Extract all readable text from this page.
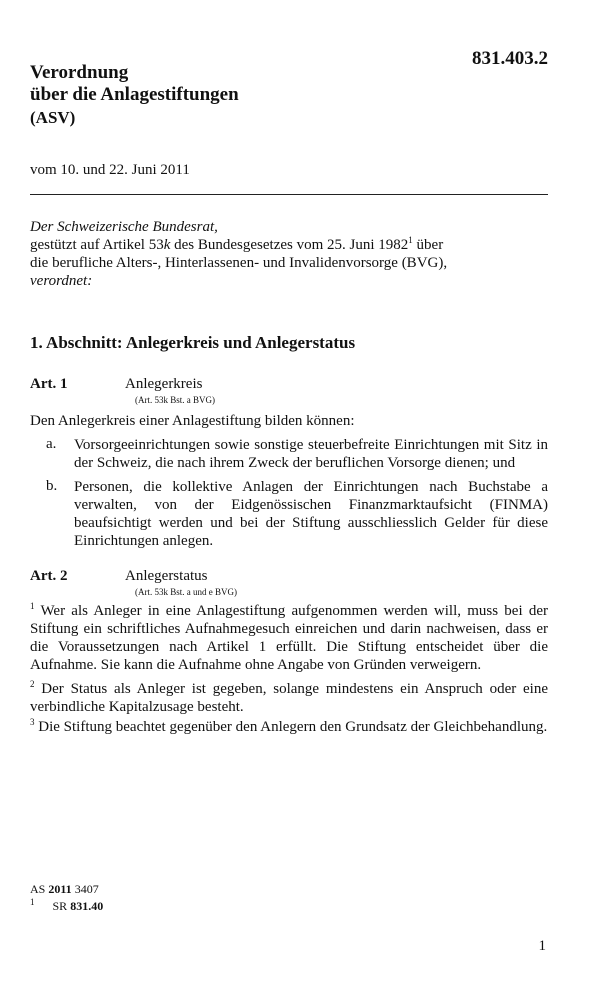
831.403.2
Verordnung
über die Anlagestiftungen
(ASV)
vom 10. und 22. Juni 2011
Der Schweizerische Bundesrat,
gestützt auf Artikel 53k des Bundesgesetzes vom 25. Juni 1982$^1$ über
die berufliche Alters-, Hinterlassenen- und Invalidenvorsorge (BVG),
verordnet:
1. Abschnitt: Anlegerkreis und Anlegerstatus
Art. 1	Anlegerkreis
(Art. 53k Bst. a BVG)
Den Anlegerkreis einer Anlagestiftung bilden können:
a. Vorsorgeeinrichtungen sowie sonstige steuerbefreite Einrichtungen mit Sitz in der Schweiz, die nach ihrem Zweck der beruflichen Vorsorge dienen; und
b. Personen, die kollektive Anlagen der Einrichtungen nach Buchstabe a verwalten, von der Eidgenössischen Finanzmarktaufsicht (FINMA) beaufsichtigt werden und bei der Stiftung ausschliesslich Gelder für diese Einrichtungen anlegen.
Art. 2	Anlegerstatus
(Art. 53k Bst. a und e BVG)
$^1$ Wer als Anleger in eine Anlagestiftung aufgenommen werden will, muss bei der Stiftung ein schriftliches Aufnahmegesuch einreichen und darin nachweisen, dass er die Voraussetzungen nach Artikel 1 erfüllt. Die Stiftung entscheidet über die Aufnahme. Sie kann die Aufnahme ohne Angabe von Gründen verweigern.
$^2$ Der Status als Anleger ist gegeben, solange mindestens ein Anspruch oder eine verbindliche Kapitalzusage besteht.
$^3$ Die Stiftung beachtet gegenüber den Anlegern den Grundsatz der Gleichbehandlung.
AS 2011 3407
$^1$ SR 831.40
1
